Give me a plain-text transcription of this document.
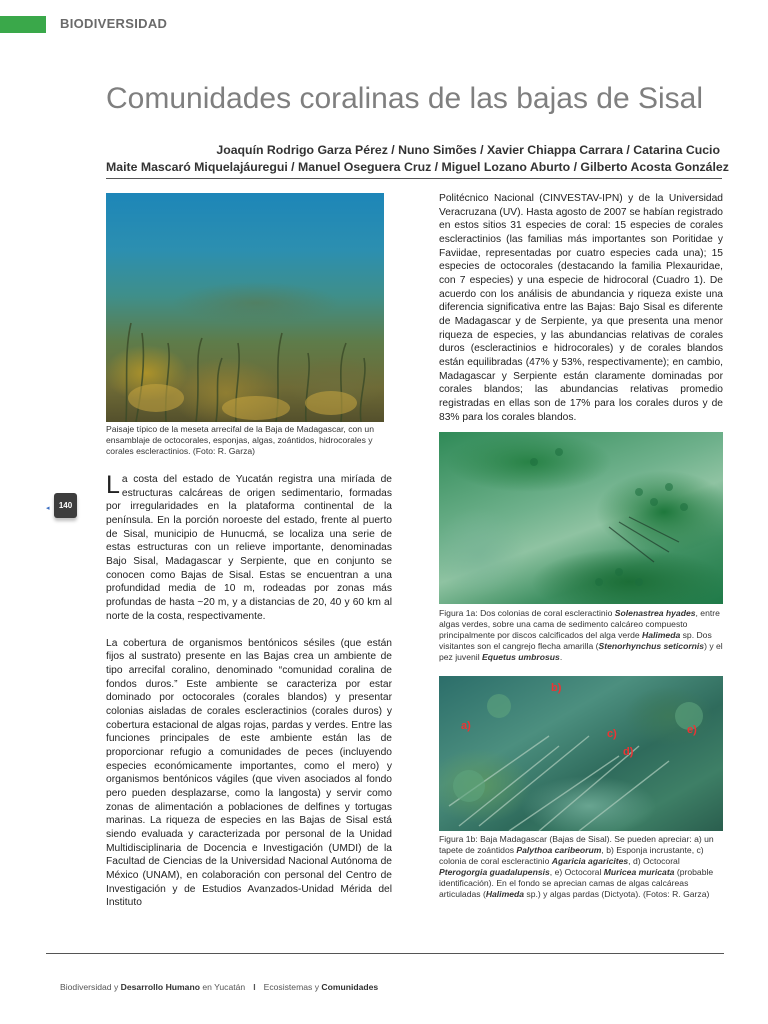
BIODIVERSIDAD
Comunidades coralinas de las bajas de Sisal
Joaquín Rodrigo Garza Pérez / Nuno Simões / Xavier Chiappa Carrara / Catarina Cucio
Maite Mascaró Miquelajáuregui / Manuel Oseguera Cruz / Miguel Lozano Aburto / Gilberto Acosta González
Paisaje típico de la meseta arrecifal de la Baja de Madagascar, con un ensamblaje de octocorales, esponjas, algas, zoántidos, hidrocorales y corales escleractinios. (Foto: R. Garza)

La costa del estado de Yucatán registra una miríada de estructuras calcáreas de origen sedimentario, formadas por irregularidades en la plataforma continental de la península. En la porción noroeste del estado, frente al puerto de Sisal, municipio de Hunucmá, se localiza una serie de estas estructuras con un relieve importante, denominadas Bajo Sisal, Madagascar y Serpiente, que en conjunto se conocen como Bajas de Sisal. Estas se encuentran a una profundidad media de 10 m, rodeadas por zonas más profundas de hasta ~20 m, y a distancias de 20, 40 y 60 km al norte de la costa, respectivamente.

La cobertura de organismos bentónicos sésiles (que están fijos al sustrato) presente en las Bajas crea un ambiente de tipo arrecifal coralino, denominado “comunidad coralina de fondos duros.” Este ambiente se caracteriza por estar dominado por octocorales (corales blandos) y presentar colonias aisladas de corales escleractinios (corales duros) y cobertura estacional de algas rojas, pardas y verdes. Entre las funciones principales de este ambiente están las de proporcionar refugio a comunidades de peces (incluyendo especies económicamente importantes, como el mero) y organismos bentónicos vágiles (que viven asociados al fondo pero pueden desplazarse, como la langosta) y servir como zonas de alimentación a poblaciones de delfines y tortugas marinas. La riqueza de especies en las Bajas de Sisal está siendo evaluada y caracterizada por personal de la Unidad Multidisciplinaria de Docencia e Investigación (UMDI) de la Facultad de Ciencias de la Universidad Nacional Autónoma de México (UNAM), en colaboración con personal del Centro de Investigación y de Estudios Avanzados-Unidad Mérida del Instituto

Politécnico Nacional (CINVESTAV-IPN) y de la Universidad Veracruzana (UV). Hasta agosto de 2007 se habían registrado en estos sitios 31 especies de coral: 15 especies de corales escleractinios (las familias más importantes son Poritidae y Faviidae, representadas por cuatro especies cada una); 15 especies de octocorales (destacando la familia Plexauridae, con 7 especies) y una especie de hidrocoral (Cuadro 1). De acuerdo con los análisis de abundancia y riqueza existe una diferencia significativa entre las Bajas: Bajo Sisal es diferente de Madagascar y de Serpiente, ya que presenta una menor riqueza de especies, y las abundancias relativas de corales duros (escleractinios e hidrocorales) y de corales blandos están equilibradas (47% y 53%, respectivamente); en cambio, Madagascar y Serpiente están claramente dominadas por corales blandos; las abundancias relativas promedio registradas en ellas son de 17% para los corales duros y de 83% para los corales blandos.

Figura 1a: Dos colonias de coral escleractinio Solenastrea hyades, entre algas verdes, sobre una cama de sedimento calcáreo compuesto principalmente por discos calcificados del alga verde Halimeda sp. Dos visitantes son el cangrejo flecha amarilla (Stenorhynchus seticornis) y el pez juvenil Equetus umbrosus.
a)
b)
c)
d)
e)
Figura 1b: Baja Madagascar (Bajas de Sisal). Se pueden apreciar: a) un tapete de zoántidos Palythoa caribeorum, b) Esponja incrustante, c) colonia de coral escleractinio Agaricia agaricites, d) Octocoral Pterogorgia guadalupensis, e) Octocoral Muricea muricata (probable identificación). En el fondo se aprecian camas de algas calcáreas articuladas (Halimeda sp.) y algas pardas (Dictyota). (Fotos: R. Garza)
◂	140
Biodiversidad y Desarrollo Humano en Yucatán I Ecosistemas y Comunidades
